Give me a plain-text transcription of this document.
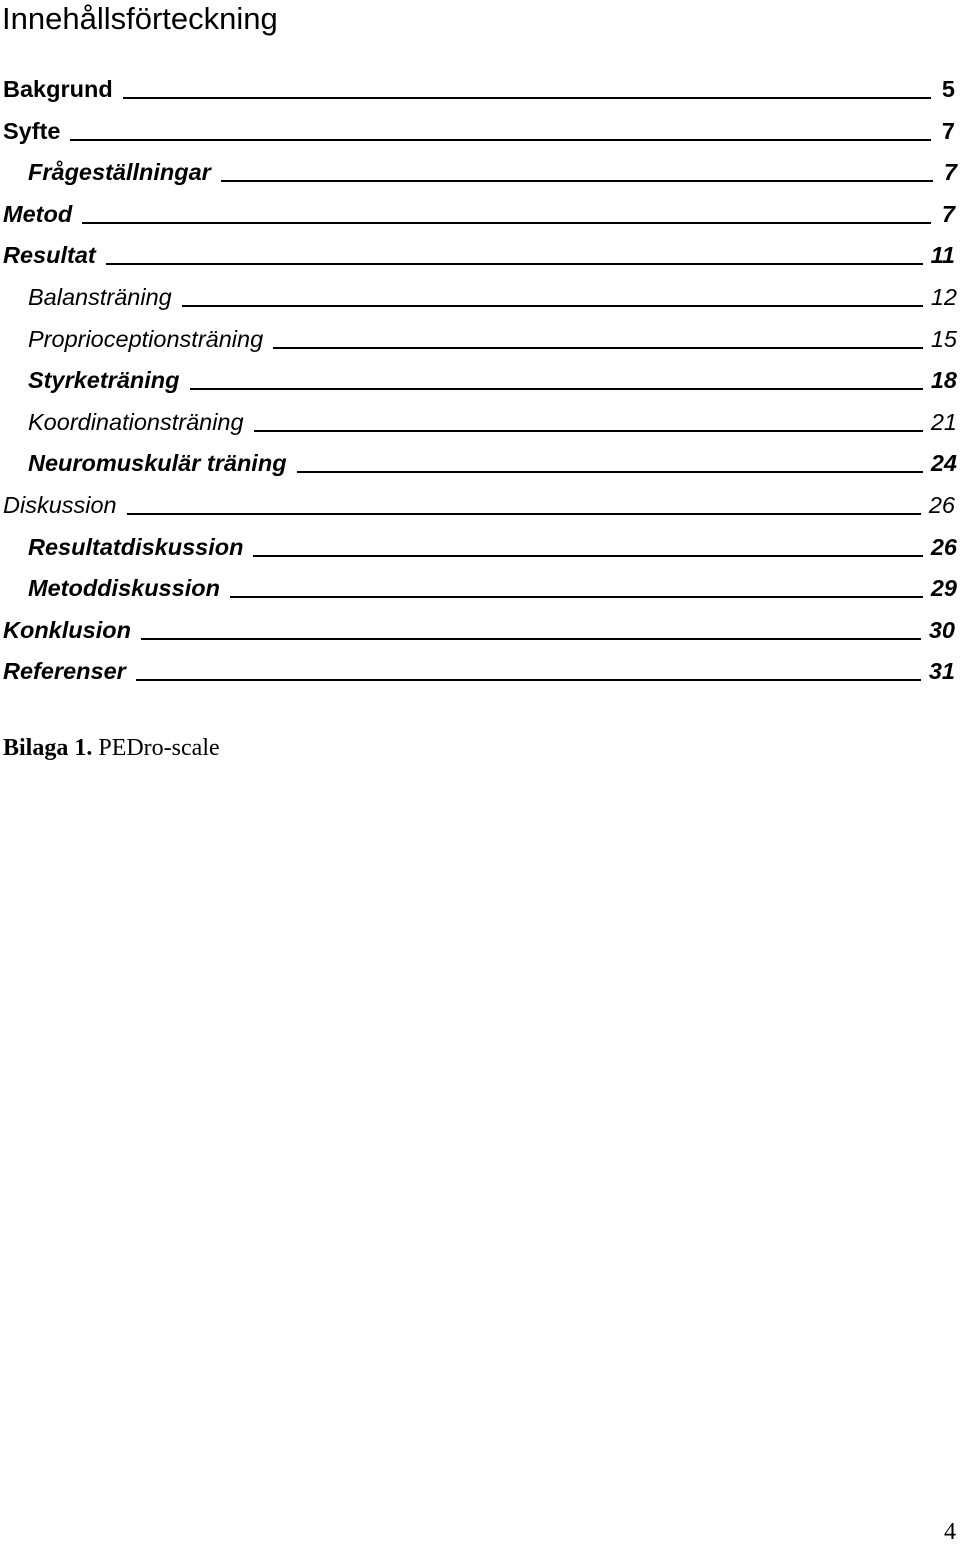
Innehållsförteckning
Bakgrund	5
Syfte	7
Frågeställningar	7
Metod	7
Resultat	11
Balansträning	12
Proprioceptionsträning	15
Styrketräning	18
Koordinationsträning	21
Neuromuskulär träning	24
Diskussion	26
Resultatdiskussion	26
Metoddiskussion	29
Konklusion	30
Referenser	31
Bilaga 1. PEDro-scale
4
